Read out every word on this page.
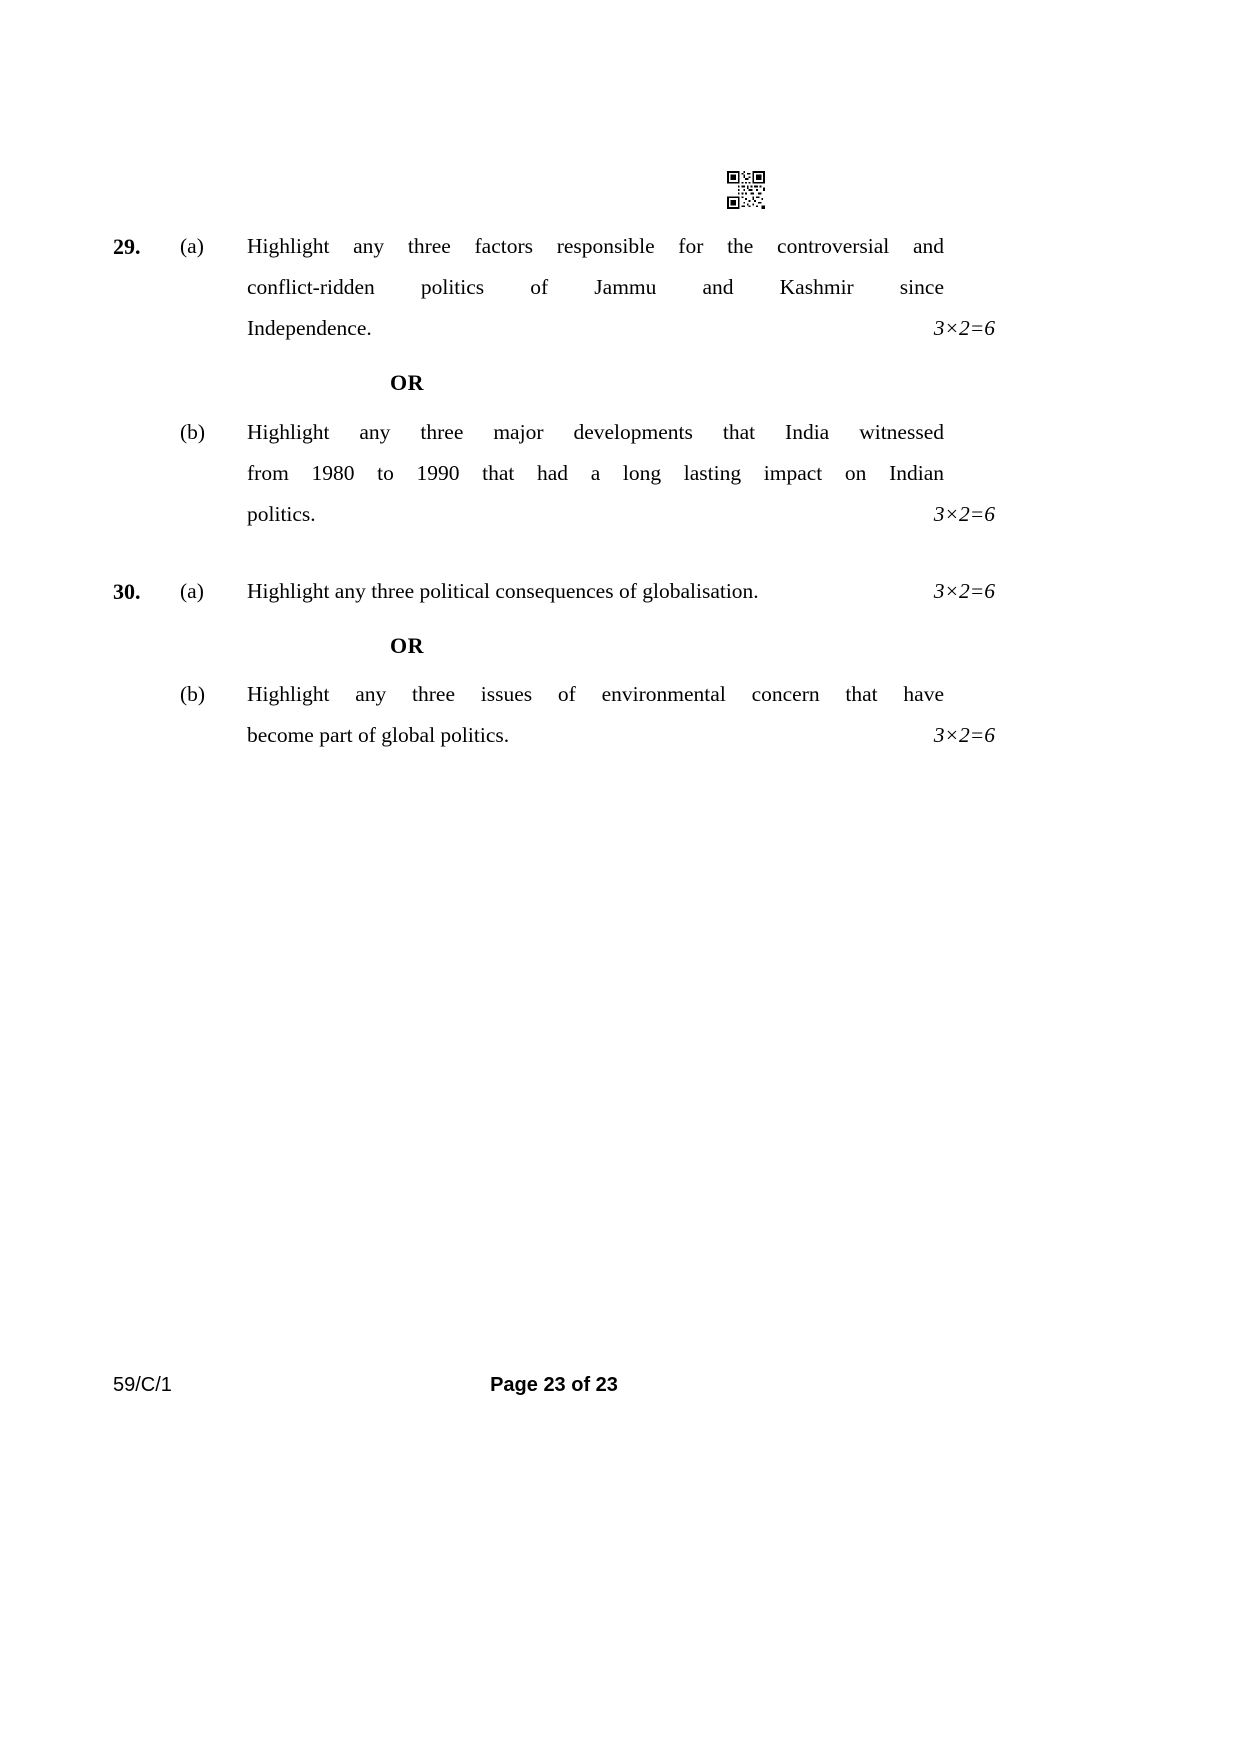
29.	(a)	Highlight any three factors responsible for the controversial and
conflict-ridden politics of Jammu and Kashmir since
Independence.	3×2=6
OR
(b)	Highlight any three major developments that India witnessed
from 1980 to 1990 that had a long lasting impact on Indian
politics.	3×2=6
30.	(a)	Highlight any three political consequences of globalisation.	3×2=6
OR
(b)	Highlight any three issues of environmental concern that have
become part of global politics.	3×2=6
59/C/1	Page 23 of 23
